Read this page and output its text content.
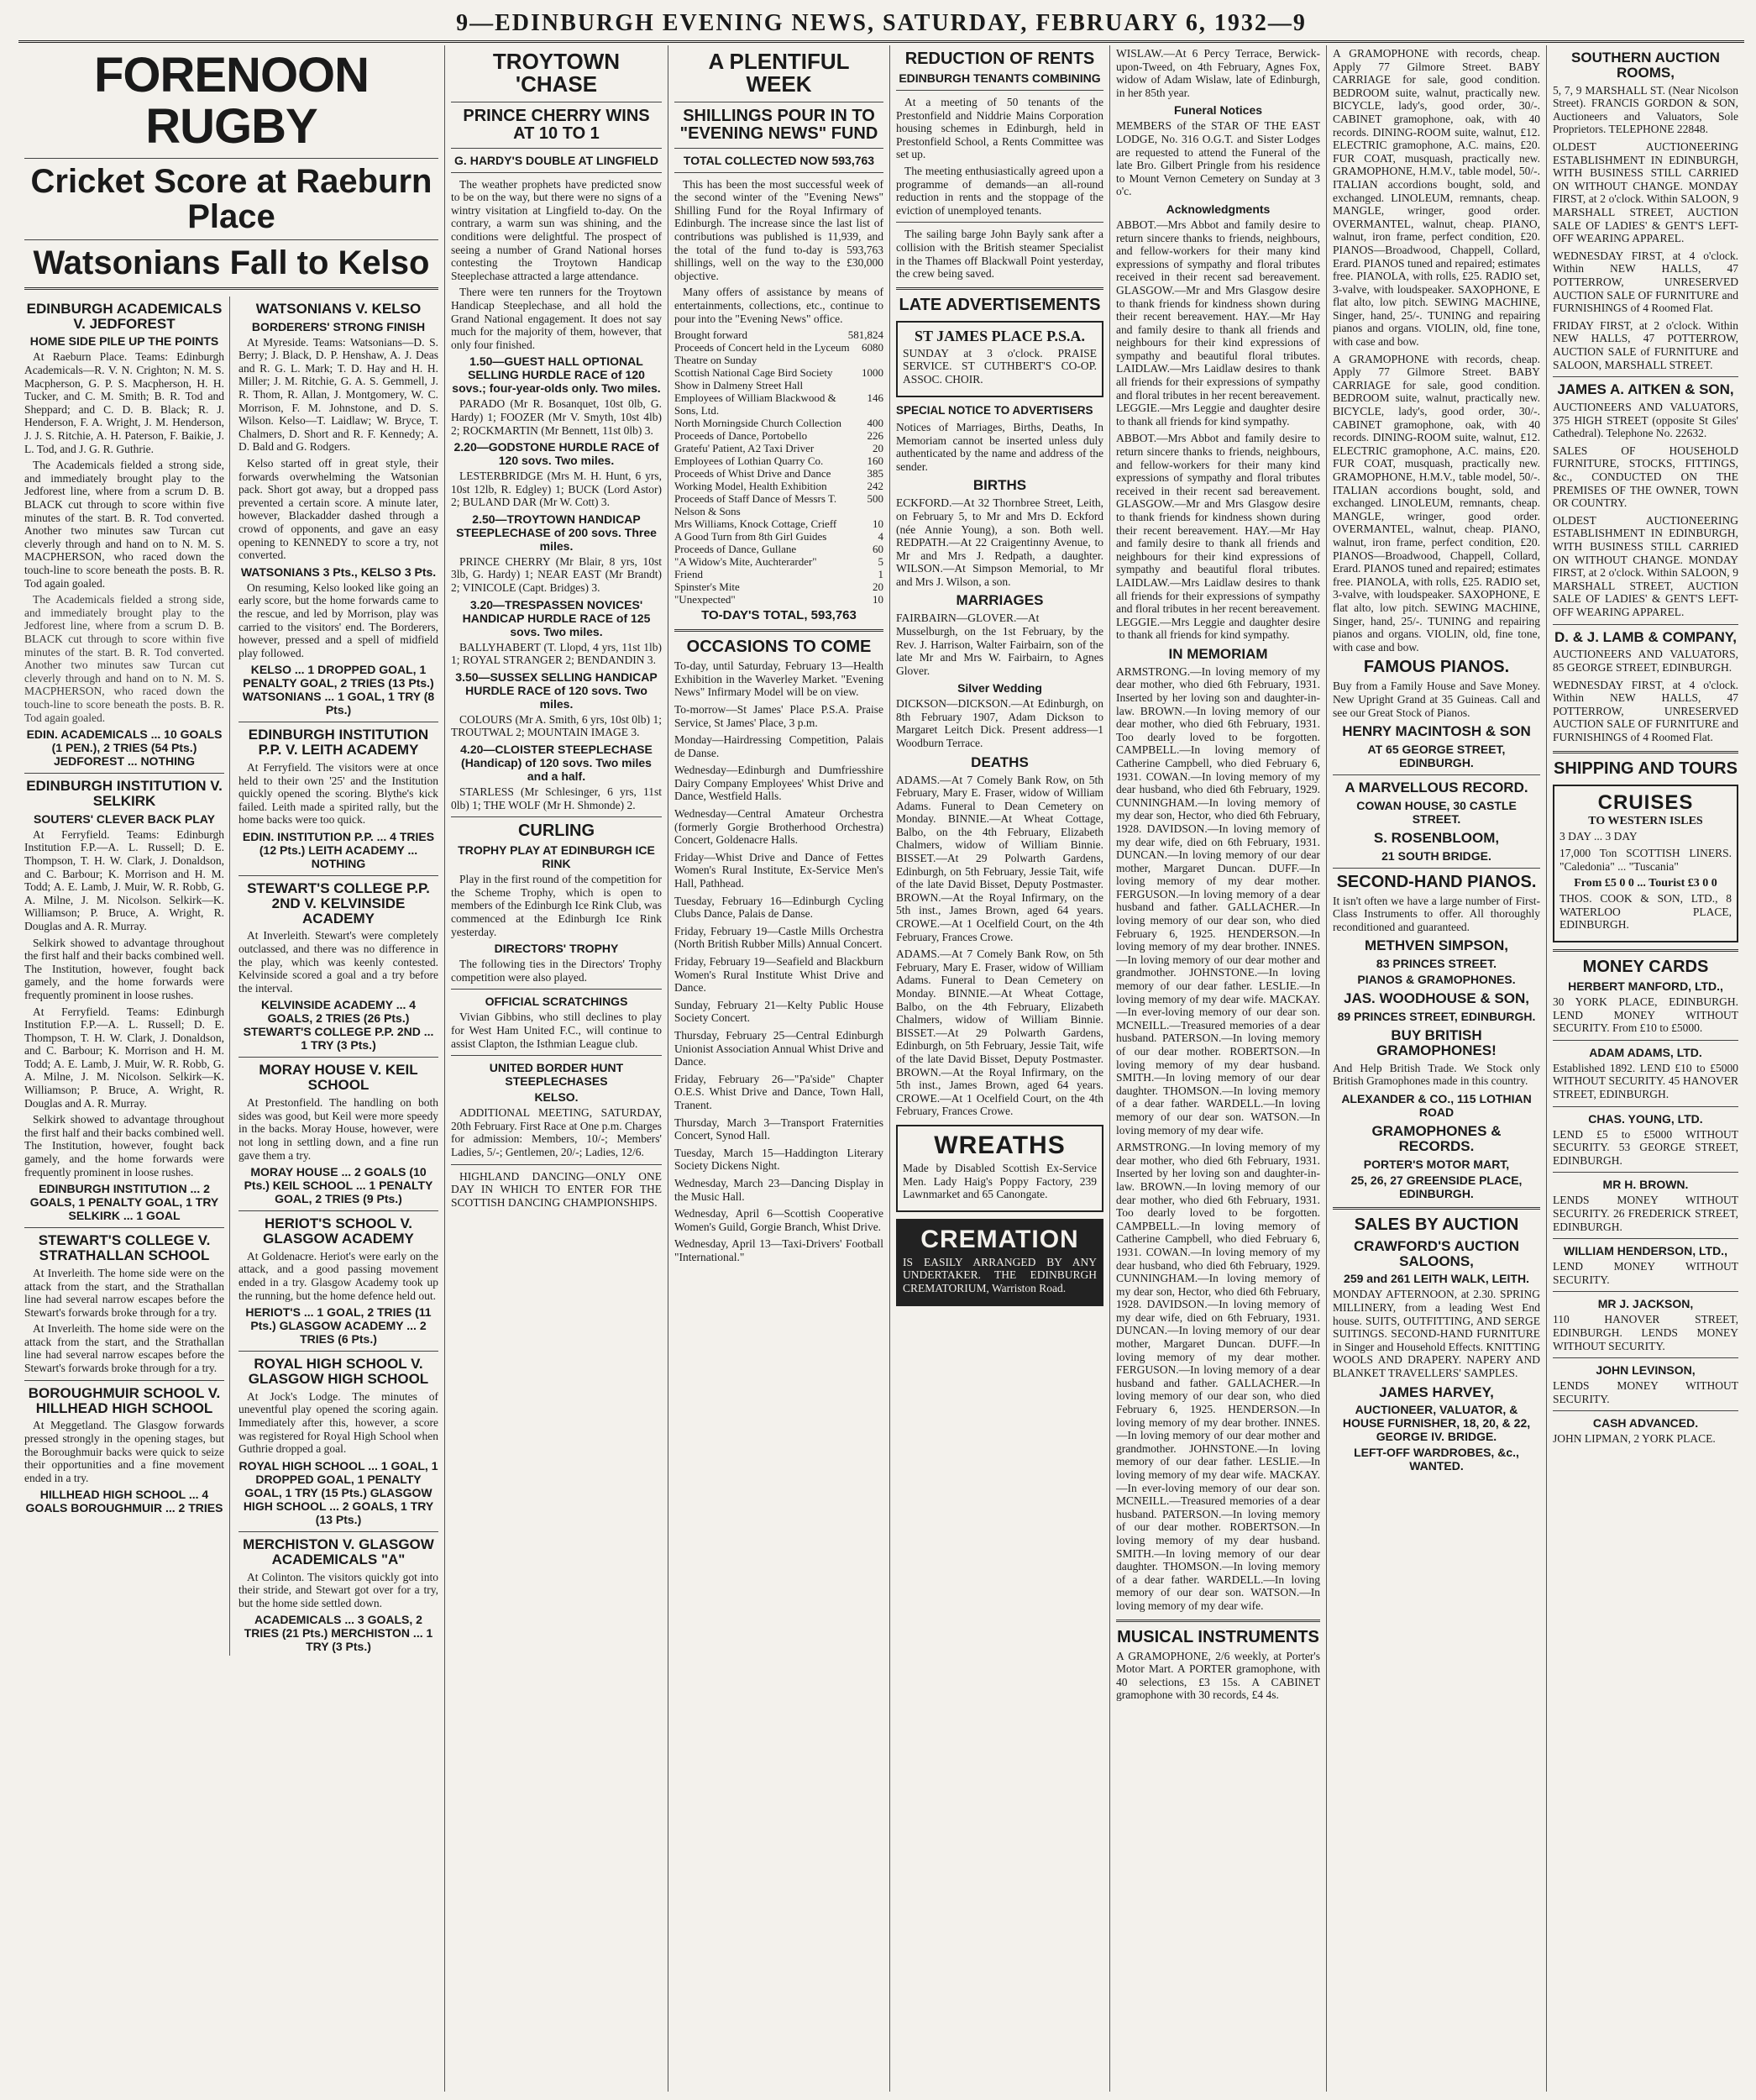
9—EDINBURGH EVENING NEWS, SATURDAY, FEBRUARY 6, 1932—9
FORENOON RUGBY
Cricket Score at Raeburn Place
Watsonians Fall to Kelso
EDINBURGH ACADEMICALS V. JEDFOREST
HOME SIDE PILE UP THE POINTS

At Raeburn Place. Teams: Edinburgh Academicals—R. V. N. Crighton; N. M. S. Macpherson, G. P. S. Macpherson, H. H. Tucker, and C. M. Smith; B. R. Tod and Sheppard; and C. D. B. Black; R. J. Henderson, F. A. Wright, J. M. Henderson, J. J. S. Ritchie, A. H. Paterson, F. Baikie, J. L. Tod, and J. G. R. Guthrie.

The Academicals fielded a strong side, and immediately brought play to the Jedforest line, where from a scrum D. B. BLACK cut through to score within five minutes of the start. B. R. Tod converted. Another two minutes saw Turcan cut cleverly through and hand on to N. M. S. MACPHERSON, who raced down the touch-line to score beneath the posts. B. R. Tod again goaled.

The Academicals fielded a strong side, and immediately brought play to the Jedforest line, where from a scrum D. B. BLACK cut through to score within five minutes of the start. B. R. Tod converted. Another two minutes saw Turcan cut cleverly through and hand on to N. M. S. MACPHERSON, who raced down the touch-line to score beneath the posts. B. R. Tod again goaled.

EDIN. ACADEMICALS ... 10 GOALS (1 PEN.), 2 TRIES (54 Pts.) JEDFOREST ... NOTHING
EDINBURGH INSTITUTION V. SELKIRK
SOUTERS' CLEVER BACK PLAY

At Ferryfield. Teams: Edinburgh Institution F.P.—A. L. Russell; D. E. Thompson, T. H. W. Clark, J. Donaldson, and C. Barbour; K. Morrison and H. M. Todd; A. E. Lamb, J. Muir, W. R. Robb, G. A. Milne, J. M. Nicolson. Selkirk—K. Williamson; P. Bruce, A. Wright, R. Douglas and A. R. Murray.

Selkirk showed to advantage throughout the first half and their backs combined well. The Institution, however, fought back gamely, and the home forwards were frequently prominent in loose rushes.

At Ferryfield. Teams: Edinburgh Institution F.P.—A. L. Russell; D. E. Thompson, T. H. W. Clark, J. Donaldson, and C. Barbour; K. Morrison and H. M. Todd; A. E. Lamb, J. Muir, W. R. Robb, G. A. Milne, J. M. Nicolson. Selkirk—K. Williamson; P. Bruce, A. Wright, R. Douglas and A. R. Murray.

Selkirk showed to advantage throughout the first half and their backs combined well. The Institution, however, fought back gamely, and the home forwards were frequently prominent in loose rushes.

EDINBURGH INSTITUTION ... 2 GOALS, 1 PENALTY GOAL, 1 TRY SELKIRK ... 1 GOAL
STEWART'S COLLEGE V. STRATHALLAN SCHOOL

At Inverleith. The home side were on the attack from the start, and the Strathallan line had several narrow escapes before the Stewart's forwards broke through for a try.

At Inverleith. The home side were on the attack from the start, and the Strathallan line had several narrow escapes before the Stewart's forwards broke through for a try.

BOROUGHMUIR SCHOOL V. HILLHEAD HIGH SCHOOL

At Meggetland. The Glasgow forwards pressed strongly in the opening stages, but the Boroughmuir backs were quick to seize their opportunities and a fine movement ended in a try.

HILLHEAD HIGH SCHOOL ... 4 GOALS BOROUGHMUIR ... 2 TRIES
WATSONIANS V. KELSO
BORDERERS' STRONG FINISH

At Myreside. Teams: Watsonians—D. S. Berry; J. Black, D. P. Henshaw, A. J. Deas and R. G. L. Mark; T. D. Hay and H. H. Miller; J. M. Ritchie, G. A. S. Gemmell, J. R. Thom, R. Allan, J. Montgomery, W. C. Morrison, F. M. Johnstone, and D. S. Wilson. Kelso—T. Laidlaw; W. Bryce, T. Chalmers, D. Short and R. F. Kennedy; A. D. Bald and G. Rodgers.

Kelso started off in great style, their forwards overwhelming the Watsonian pack. Short got away, but a dropped pass prevented a certain score. A minute later, however, Blackadder dashed through a crowd of opponents, and gave an easy opening to KENNEDY to score a try, not converted.

WATSONIANS 3 Pts., KELSO 3 Pts.

On resuming, Kelso looked like going an early score, but the home forwards came to the rescue, and led by Morrison, play was carried to the visitors' end. The Borderers, however, pressed and a spell of midfield play followed.

KELSO ... 1 DROPPED GOAL, 1 PENALTY GOAL, 2 TRIES (13 Pts.) WATSONIANS ... 1 GOAL, 1 TRY (8 Pts.)
EDINBURGH INSTITUTION P.P. V. LEITH ACADEMY

At Ferryfield. The visitors were at once held to their own '25' and the Institution quickly opened the scoring. Blythe's kick failed. Leith made a spirited rally, but the home backs were too quick.

EDIN. INSTITUTION P.P. ... 4 TRIES (12 Pts.) LEITH ACADEMY ... NOTHING
STEWART'S COLLEGE P.P. 2ND V. KELVINSIDE ACADEMY

At Inverleith. Stewart's were completely outclassed, and there was no difference in the play, which was keenly contested. Kelvinside scored a goal and a try before the interval.

KELVINSIDE ACADEMY ... 4 GOALS, 2 TRIES (26 Pts.) STEWART'S COLLEGE P.P. 2ND ... 1 TRY (3 Pts.)
MORAY HOUSE V. KEIL SCHOOL

At Prestonfield. The handling on both sides was good, but Keil were more speedy in the backs. Moray House, however, were not long in settling down, and a fine run gave them a try.

MORAY HOUSE ... 2 GOALS (10 Pts.) KEIL SCHOOL ... 1 PENALTY GOAL, 2 TRIES (9 Pts.)
HERIOT'S SCHOOL V. GLASGOW ACADEMY

At Goldenacre. Heriot's were early on the attack, and a good passing movement ended in a try. Glasgow Academy took up the running, but the home defence held out.

HERIOT'S ... 1 GOAL, 2 TRIES (11 Pts.) GLASGOW ACADEMY ... 2 TRIES (6 Pts.)
ROYAL HIGH SCHOOL V. GLASGOW HIGH SCHOOL

At Jock's Lodge. The minutes of uneventful play opened the scoring again. Immediately after this, however, a score was registered for Royal High School when Guthrie dropped a goal.

ROYAL HIGH SCHOOL ... 1 GOAL, 1 DROPPED GOAL, 1 PENALTY GOAL, 1 TRY (15 Pts.) GLASGOW HIGH SCHOOL ... 2 GOALS, 1 TRY (13 Pts.)
MERCHISTON V. GLASGOW ACADEMICALS "A"

At Colinton. The visitors quickly got into their stride, and Stewart got over for a try, but the home side settled down.

ACADEMICALS ... 3 GOALS, 2 TRIES (21 Pts.) MERCHISTON ... 1 TRY (3 Pts.)
TROYTOWN 'CHASE
PRINCE CHERRY WINS AT 10 TO 1
G. HARDY'S DOUBLE AT LINGFIELD

The weather prophets have predicted snow to be on the way, but there were no signs of a wintry visitation at Lingfield to-day. On the contrary, a warm sun was shining, and the conditions were delightful. The prospect of seeing a number of Grand National horses contesting the Troytown Handicap Steeplechase attracted a large attendance.

There were ten runners for the Troytown Handicap Steeplechase, and all hold the Grand National engagement. It does not say much for the majority of them, however, that only four finished.

1.50—GUEST HALL OPTIONAL SELLING HURDLE RACE of 120 sovs.; four-year-olds only. Two miles.

PARADO (Mr R. Bosanquet, 10st 0lb, G. Hardy) 1; FOOZER (Mr V. Smyth, 10st 4lb) 2; ROCKMARTIN (Mr Bennett, 11st 0lb) 3.

2.20—GODSTONE HURDLE RACE of 120 sovs. Two miles.

LESTERBRIDGE (Mrs M. H. Hunt, 6 yrs, 10st 12lb, R. Edgley) 1; BUCK (Lord Astor) 2; BULAND DAR (Mr W. Cott) 3.

2.50—TROYTOWN HANDICAP STEEPLECHASE of 200 sovs. Three miles.

PRINCE CHERRY (Mr Blair, 8 yrs, 10st 3lb, G. Hardy) 1; NEAR EAST (Mr Brandt) 2; VINICOLE (Capt. Bridges) 3.

3.20—TRESPASSEN NOVICES' HANDICAP HURDLE RACE of 125 sovs. Two miles.

BALLYHABERT (T. Llopd, 4 yrs, 11st 1lb) 1; ROYAL STRANGER 2; BENDANDIN 3.

3.50—SUSSEX SELLING HANDICAP HURDLE RACE of 120 sovs. Two miles.

COLOURS (Mr A. Smith, 6 yrs, 10st 0lb) 1; TROUTWAL 2; MOUNTAIN IMAGE 3.

4.20—CLOISTER STEEPLECHASE (Handicap) of 120 sovs. Two miles and a half.

STARLESS (Mr Schlesinger, 6 yrs, 11st 0lb) 1; THE WOLF (Mr H. Shmonde) 2.

CURLING
TROPHY PLAY AT EDINBURGH ICE RINK

Play in the first round of the competition for the Scheme Trophy, which is open to members of the Edinburgh Ice Rink Club, was commenced at the Edinburgh Ice Rink yesterday.

DIRECTORS' TROPHY

The following ties in the Directors' Trophy competition were also played.

OFFICIAL SCRATCHINGS

Vivian Gibbins, who still declines to play for West Ham United F.C., will continue to assist Clapton, the Isthmian League club.

UNITED BORDER HUNT STEEPLECHASES
KELSO.

ADDITIONAL MEETING, SATURDAY, 20th February. First Race at One p.m. Charges for admission: Members, 10/-; Members' Ladies, 5/-; Gentlemen, 20/-; Ladies, 12/6.

HIGHLAND DANCING—ONLY ONE DAY IN WHICH TO ENTER FOR THE SCOTTISH DANCING CHAMPIONSHIPS.

A PLENTIFUL WEEK
SHILLINGS POUR IN TO "EVENING NEWS" FUND
TOTAL COLLECTED NOW 593,763

This has been the most successful week of the second winter of the "Evening News" Shilling Fund for the Royal Infirmary of Edinburgh. The increase since the last list of contributions was published is 11,939, and the total of the fund to-day is 593,763 shillings, well on the way to the £30,000 objective.

Many offers of assistance by means of entertainments, collections, etc., continue to pour into the "Evening News" office.

Brought forward	581,824
Proceeds of Concert held in the Lyceum Theatre on Sunday
6080
Scottish National Cage Bird Society Show in Dalmeny Street Hall
1000
Employees of William Blackwood & Sons, Ltd.
146
North Morningside Church Collection 400
Proceeds of Dance, Portobello	226
Gratefu' Patient, A2 Taxi Driver	20
Employees of Lothian Quarry Co.	160
Proceeds of Whist Drive and Dance	385
Working Model, Health Exhibition	242
Proceeds of Staff Dance of Messrs T. Nelson & Sons
500
Mrs Williams, Knock Cottage, Crieff	10
A Good Turn from 8th Girl Guides	4
Proceeds of Dance, Gullane	60
"A Widow's Mite, Auchterarder"	5
Friend	1
Spinster's Mite	20
"Unexpected"	10
TO-DAY'S TOTAL, 593,763
OCCASIONS TO COME
To-day, until Saturday, February 13—Health Exhibition in the Waverley Market. "Evening News" Infirmary Model will be on view.
To-morrow—St James' Place P.S.A. Praise Service, St James' Place, 3 p.m.
Monday—Hairdressing Competition, Palais de Danse.
Wednesday—Edinburgh and Dumfriesshire Dairy Company Employees' Whist Drive and Dance, Westfield Halls.
Wednesday—Central Amateur Orchestra (formerly Gorgie Brotherhood Orchestra) Concert, Goldenacre Halls.
Friday—Whist Drive and Dance of Fettes Women's Rural Institute, Ex-Service Men's Hall, Pathhead.
Tuesday, February 16—Edinburgh Cycling Clubs Dance, Palais de Danse.
Friday, February 19—Castle Mills Orchestra (North British Rubber Mills) Annual Concert.
Friday, February 19—Seafield and Blackburn Women's Rural Institute Whist Drive and Dance.
Sunday, February 21—Kelty Public House Society Concert.
Thursday, February 25—Central Edinburgh Unionist Association Annual Whist Drive and Dance.
Friday, February 26—"Pa'side" Chapter O.E.S. Whist Drive and Dance, Town Hall, Tranent.
Thursday, March 3—Transport Fraternities Concert, Synod Hall.
Tuesday, March 15—Haddington Literary Society Dickens Night.
Wednesday, March 23—Dancing Display in the Music Hall.
Wednesday, April 6—Scottish Cooperative Women's Guild, Gorgie Branch, Whist Drive.
Wednesday, April 13—Taxi-Drivers' Football "International."
REDUCTION OF RENTS
EDINBURGH TENANTS COMBINING

At a meeting of 50 tenants of the Prestonfield and Niddrie Mains Corporation housing schemes in Edinburgh, held in Prestonfield School, a Rents Committee was set up.

The meeting enthusiastically agreed upon a programme of demands—an all-round reduction in rents and the stoppage of the eviction of unemployed tenants.

The sailing barge John Bayly sank after a collision with the British steamer Specialist in the Thames off Blackwall Point yesterday, the crew being saved.

LATE ADVERTISEMENTS
ST JAMES PLACE P.S.A.
SUNDAY at 3 o'clock. PRAISE SERVICE. ST CUTHBERT'S CO-OP. ASSOC. CHOIR.
SPECIAL NOTICE TO ADVERTISERS
Notices of Marriages, Births, Deaths, In Memoriam cannot be inserted unless duly authenticated by the name and address of the sender.
BIRTHS
ECKFORD.—At 32 Thornbree Street, Leith, on February 5, to Mr and Mrs D. Eckford (née Annie Young), a son. Both well. REDPATH.—At 22 Craigentinny Avenue, to Mr and Mrs J. Redpath, a daughter. WILSON.—At Simpson Memorial, to Mr and Mrs J. Wilson, a son.
MARRIAGES
FAIRBAIRN—GLOVER.—At Musselburgh, on the 1st February, by the Rev. J. Harrison, Walter Fairbairn, son of the late Mr and Mrs W. Fairbairn, to Agnes Glover.
Silver Wedding
DICKSON—DICKSON.—At Edinburgh, on 8th February 1907, Adam Dickson to Margaret Leitch Dick. Present address—1 Woodburn Terrace.
DEATHS
ADAMS.—At 7 Comely Bank Row, on 5th February, Mary E. Fraser, widow of William Adams. Funeral to Dean Cemetery on Monday. BINNIE.—At Wheat Cottage, Balbo, on the 4th February, Elizabeth Chalmers, widow of William Binnie. BISSET.—At 29 Polwarth Gardens, Edinburgh, on 5th February, Jessie Tait, wife of the late David Bisset, Deputy Postmaster. BROWN.—At the Royal Infirmary, on the 5th inst., James Brown, aged 64 years. CROWE.—At 1 Ocelfield Court, on the 4th February, Frances Crowe.
ADAMS.—At 7 Comely Bank Row, on 5th February, Mary E. Fraser, widow of William Adams. Funeral to Dean Cemetery on Monday. BINNIE.—At Wheat Cottage, Balbo, on the 4th February, Elizabeth Chalmers, widow of William Binnie. BISSET.—At 29 Polwarth Gardens, Edinburgh, on 5th February, Jessie Tait, wife of the late David Bisset, Deputy Postmaster. BROWN.—At the Royal Infirmary, on the 5th inst., James Brown, aged 64 years. CROWE.—At 1 Ocelfield Court, on the 4th February, Frances Crowe.
WREATHS
Made by Disabled Scottish Ex-Service Men. Lady Haig's Poppy Factory, 239 Lawnmarket and 65 Canongate.
CREMATION
IS EASILY ARRANGED BY ANY UNDERTAKER. THE EDINBURGH CREMATORIUM, Warriston Road.
WISLAW.—At 6 Percy Terrace, Berwick-upon-Tweed, on 4th February, Agnes Fox, widow of Adam Wislaw, late of Edinburgh, in her 85th year.
Funeral Notices
MEMBERS of the STAR OF THE EAST LODGE, No. 316 O.G.T. and Sister Lodges are requested to attend the Funeral of the late Bro. Gilbert Pringle from his residence to Mount Vernon Cemetery on Sunday at 3 o'c.
Acknowledgments
ABBOT.—Mrs Abbot and family desire to return sincere thanks to friends, neighbours, and fellow-workers for their many kind expressions of sympathy and floral tributes received in their recent sad bereavement. GLASGOW.—Mr and Mrs Glasgow desire to thank friends for kindness shown during their recent bereavement. HAY.—Mr Hay and family desire to thank all friends and neighbours for their kind expressions of sympathy and beautiful floral tributes. LAIDLAW.—Mrs Laidlaw desires to thank all friends for their expressions of sympathy and floral tributes in her recent bereavement. LEGGIE.—Mrs Leggie and daughter desire to thank all friends for kind sympathy.
ABBOT.—Mrs Abbot and family desire to return sincere thanks to friends, neighbours, and fellow-workers for their many kind expressions of sympathy and floral tributes received in their recent sad bereavement. GLASGOW.—Mr and Mrs Glasgow desire to thank friends for kindness shown during their recent bereavement. HAY.—Mr Hay and family desire to thank all friends and neighbours for their kind expressions of sympathy and beautiful floral tributes. LAIDLAW.—Mrs Laidlaw desires to thank all friends for their expressions of sympathy and floral tributes in her recent bereavement. LEGGIE.—Mrs Leggie and daughter desire to thank all friends for kind sympathy.
IN MEMORIAM
ARMSTRONG.—In loving memory of my dear mother, who died 6th February, 1931. Inserted by her loving son and daughter-in-law. BROWN.—In loving memory of our dear mother, who died 6th February, 1931. Too dearly loved to be forgotten. CAMPBELL.—In loving memory of Catherine Campbell, who died February 6, 1931. COWAN.—In loving memory of my dear husband, who died 6th February, 1929. CUNNINGHAM.—In loving memory of my dear son, Hector, who died 6th February, 1928. DAVIDSON.—In loving memory of my dear wife, died on 6th February, 1931. DUNCAN.—In loving memory of our dear mother, Margaret Duncan. DUFF.—In loving memory of my dear mother. FERGUSON.—In loving memory of a dear husband and father. GALLACHER.—In loving memory of our dear son, who died February 6, 1925. HENDERSON.—In loving memory of my dear brother. INNES.—In loving memory of our dear mother and grandmother. JOHNSTONE.—In loving memory of our dear father. LESLIE.—In loving memory of my dear wife. MACKAY.—In ever-loving memory of our dear son. MCNEILL.—Treasured memories of a dear husband. PATERSON.—In loving memory of our dear mother. ROBERTSON.—In loving memory of my dear husband. SMITH.—In loving memory of our dear daughter. THOMSON.—In loving memory of a dear father. WARDELL.—In loving memory of our dear son. WATSON.—In loving memory of my dear wife.
ARMSTRONG.—In loving memory of my dear mother, who died 6th February, 1931. Inserted by her loving son and daughter-in-law. BROWN.—In loving memory of our dear mother, who died 6th February, 1931. Too dearly loved to be forgotten. CAMPBELL.—In loving memory of Catherine Campbell, who died February 6, 1931. COWAN.—In loving memory of my dear husband, who died 6th February, 1929. CUNNINGHAM.—In loving memory of my dear son, Hector, who died 6th February, 1928. DAVIDSON.—In loving memory of my dear wife, died on 6th February, 1931. DUNCAN.—In loving memory of our dear mother, Margaret Duncan. DUFF.—In loving memory of my dear mother. FERGUSON.—In loving memory of a dear husband and father. GALLACHER.—In loving memory of our dear son, who died February 6, 1925. HENDERSON.—In loving memory of my dear brother. INNES.—In loving memory of our dear mother and grandmother. JOHNSTONE.—In loving memory of our dear father. LESLIE.—In loving memory of my dear wife. MACKAY.—In ever-loving memory of our dear son. MCNEILL.—Treasured memories of a dear husband. PATERSON.—In loving memory of our dear mother. ROBERTSON.—In loving memory of my dear husband. SMITH.—In loving memory of our dear daughter. THOMSON.—In loving memory of a dear father. WARDELL.—In loving memory of our dear son. WATSON.—In loving memory of my dear wife.
MUSICAL INSTRUMENTS
A GRAMOPHONE, 2/6 weekly, at Porter's Motor Mart. A PORTER gramophone, with 40 selections, £3 15s. A CABINET gramophone with 30 records, £4 4s.
A GRAMOPHONE with records, cheap. Apply 77 Gilmore Street. BABY CARRIAGE for sale, good condition. BEDROOM suite, walnut, practically new. BICYCLE, lady's, good order, 30/-. CABINET gramophone, oak, with 40 records. DINING-ROOM suite, walnut, £12. ELECTRIC gramophone, A.C. mains, £20. FUR COAT, musquash, practically new. GRAMOPHONE, H.M.V., table model, 50/-. ITALIAN accordions bought, sold, and exchanged. LINOLEUM, remnants, cheap. MANGLE, wringer, good order. OVERMANTEL, walnut, cheap. PIANO, walnut, iron frame, perfect condition, £20. PIANOS—Broadwood, Chappell, Collard, Erard. PIANOS tuned and repaired; estimates free. PIANOLA, with rolls, £25. RADIO set, 3-valve, with loudspeaker. SAXOPHONE, E flat alto, low pitch. SEWING MACHINE, Singer, hand, 25/-. TUNING and repairing pianos and organs. VIOLIN, old, fine tone, with case and bow.
A GRAMOPHONE with records, cheap. Apply 77 Gilmore Street. BABY CARRIAGE for sale, good condition. BEDROOM suite, walnut, practically new. BICYCLE, lady's, good order, 30/-. CABINET gramophone, oak, with 40 records. DINING-ROOM suite, walnut, £12. ELECTRIC gramophone, A.C. mains, £20. FUR COAT, musquash, practically new. GRAMOPHONE, H.M.V., table model, 50/-. ITALIAN accordions bought, sold, and exchanged. LINOLEUM, remnants, cheap. MANGLE, wringer, good order. OVERMANTEL, walnut, cheap. PIANO, walnut, iron frame, perfect condition, £20. PIANOS—Broadwood, Chappell, Collard, Erard. PIANOS tuned and repaired; estimates free. PIANOLA, with rolls, £25. RADIO set, 3-valve, with loudspeaker. SAXOPHONE, E flat alto, low pitch. SEWING MACHINE, Singer, hand, 25/-. TUNING and repairing pianos and organs. VIOLIN, old, fine tone, with case and bow.
FAMOUS PIANOS.
Buy from a Family House and Save Money. New Upright Grand at 35 Guineas. Call and see our Great Stock of Pianos.
HENRY MACINTOSH & SON
AT 65 GEORGE STREET, EDINBURGH.
A MARVELLOUS RECORD.
COWAN HOUSE, 30 CASTLE STREET.
S. ROSENBLOOM,
21 SOUTH BRIDGE.
SECOND-HAND PIANOS.
It isn't often we have a large number of First-Class Instruments to offer. All thoroughly reconditioned and guaranteed.
METHVEN SIMPSON,
83 PRINCES STREET.
PIANOS & GRAMOPHONES.
JAS. WOODHOUSE & SON,
89 PRINCES STREET, EDINBURGH.
BUY BRITISH GRAMOPHONES!
And Help British Trade. We Stock only British Gramophones made in this country.
ALEXANDER & CO., 115 LOTHIAN ROAD
GRAMOPHONES & RECORDS.
PORTER'S MOTOR MART,
25, 26, 27 GREENSIDE PLACE, EDINBURGH.
SALES BY AUCTION
CRAWFORD'S AUCTION SALOONS,
259 and 261 LEITH WALK, LEITH.
MONDAY AFTERNOON, at 2.30. SPRING MILLINERY, from a leading West End house. SUITS, OUTFITTING, AND SERGE SUITINGS. SECOND-HAND FURNITURE in Singer and Household Effects. KNITTING WOOLS AND DRAPERY. NAPERY AND BLANKET TRAVELLERS' SAMPLES.
JAMES HARVEY,
AUCTIONEER, VALUATOR, & HOUSE FURNISHER, 18, 20, & 22, GEORGE IV. BRIDGE.
LEFT-OFF WARDROBES, &c., WANTED.
SOUTHERN AUCTION ROOMS,
5, 7, 9 MARSHALL ST. (Near Nicolson Street). FRANCIS GORDON & SON, Auctioneers and Valuators, Sole Proprietors. TELEPHONE 22848.
OLDEST AUCTIONEERING ESTABLISHMENT IN EDINBURGH, WITH BUSINESS STILL CARRIED ON WITHOUT CHANGE. MONDAY FIRST, at 2 o'clock. Within SALOON, 9 MARSHALL STREET, AUCTION SALE OF LADIES' & GENT'S LEFT-OFF WEARING APPAREL.
WEDNESDAY FIRST, at 4 o'clock. Within NEW HALLS, 47 POTTERROW, UNRESERVED AUCTION SALE OF FURNITURE and FURNISHINGS of 4 Roomed Flat.
FRIDAY FIRST, at 2 o'clock. Within NEW HALLS, 47 POTTERROW, AUCTION SALE of FURNITURE and SALOON, MARSHALL STREET.
JAMES A. AITKEN & SON,
AUCTIONEERS AND VALUATORS, 375 HIGH STREET (opposite St Giles' Cathedral). Telephone No. 22632.
SALES OF HOUSEHOLD FURNITURE, STOCKS, FITTINGS, &c., CONDUCTED ON THE PREMISES OF THE OWNER, TOWN OR COUNTRY.
OLDEST AUCTIONEERING ESTABLISHMENT IN EDINBURGH, WITH BUSINESS STILL CARRIED ON WITHOUT CHANGE. MONDAY FIRST, at 2 o'clock. Within SALOON, 9 MARSHALL STREET, AUCTION SALE OF LADIES' & GENT'S LEFT-OFF WEARING APPAREL.
D. & J. LAMB & COMPANY,
AUCTIONEERS AND VALUATORS, 85 GEORGE STREET, EDINBURGH.
WEDNESDAY FIRST, at 4 o'clock. Within NEW HALLS, 47 POTTERROW, UNRESERVED AUCTION SALE OF FURNITURE and FURNISHINGS of 4 Roomed Flat.
SHIPPING AND TOURS
CRUISES
TO WESTERN ISLES
3 DAY ... 3 DAY
17,000 Ton SCOTTISH LINERS. "Caledonia" ... "Tuscania"
From £5 0 0 ... Tourist £3 0 0
THOS. COOK & SON, LTD., 8 WATERLOO PLACE, EDINBURGH.
MONEY CARDS
HERBERT MANFORD, LTD.,
30 YORK PLACE, EDINBURGH. LEND MONEY WITHOUT SECURITY. From £10 to £5000.
ADAM ADAMS, LTD.
Established 1892. LEND £10 to £5000 WITHOUT SECURITY. 45 HANOVER STREET, EDINBURGH.
CHAS. YOUNG, LTD.
LEND £5 to £5000 WITHOUT SECURITY. 53 GEORGE STREET, EDINBURGH.
MR H. BROWN.
LENDS MONEY WITHOUT SECURITY. 26 FREDERICK STREET, EDINBURGH.
WILLIAM HENDERSON, LTD.,
LEND MONEY WITHOUT SECURITY.
MR J. JACKSON,
110 HANOVER STREET, EDINBURGH. LENDS MONEY WITHOUT SECURITY.
JOHN LEVINSON,
LENDS MONEY WITHOUT SECURITY.
CASH ADVANCED.
JOHN LIPMAN, 2 YORK PLACE.
